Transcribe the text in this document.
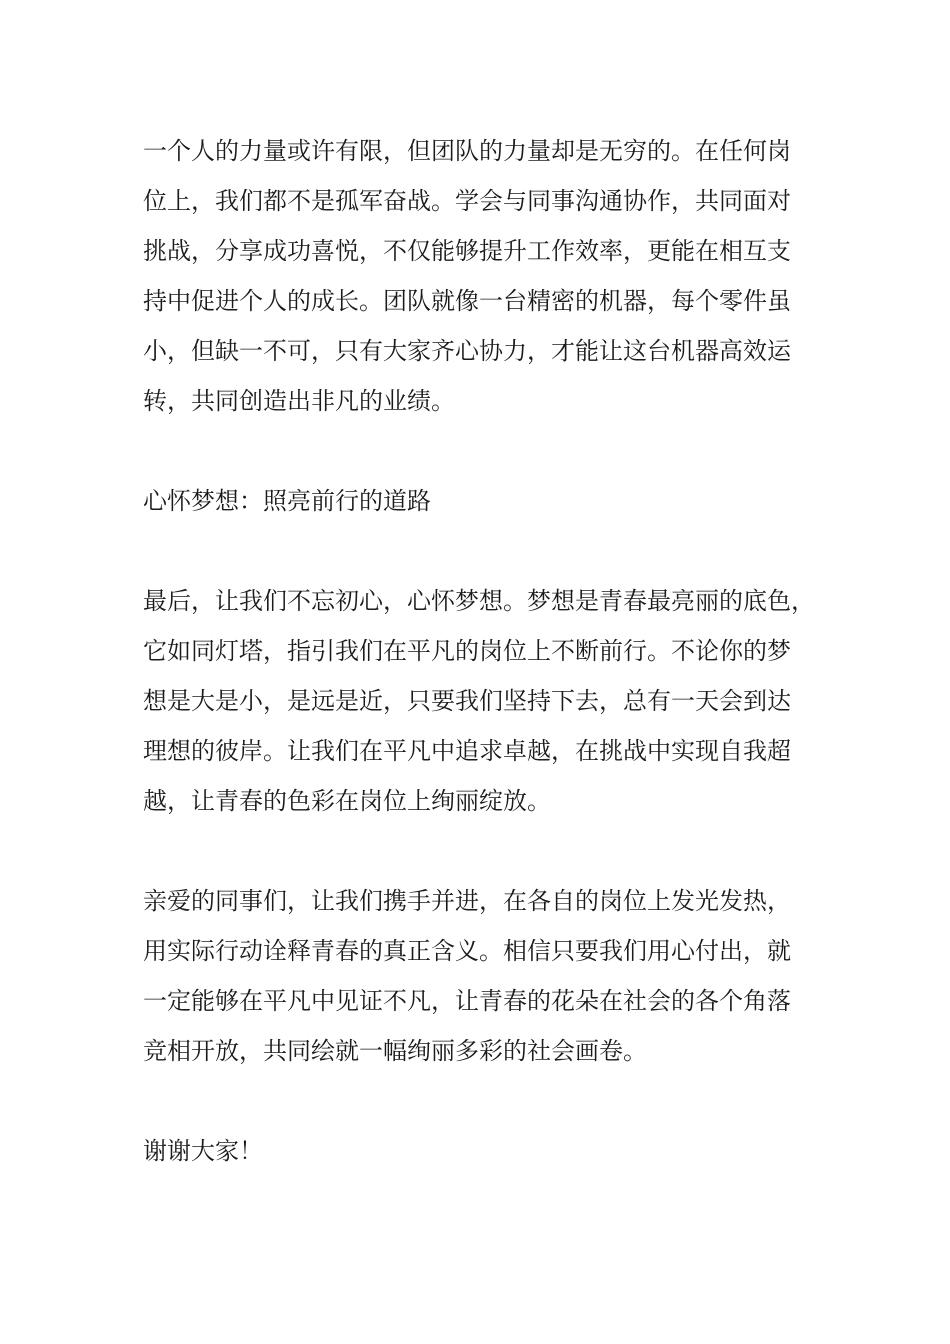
一个人的力量或许有限，但团队的力量却是无穷的。在任何岗
位上，我们都不是孤军奋战。学会与同事沟通协作，共同面对
挑战，分享成功喜悦，不仅能够提升工作效率，更能在相互支
持中促进个人的成长。团队就像一台精密的机器，每个零件虽
小，但缺一不可，只有大家齐心协力，才能让这台机器高效运
转，共同创造出非凡的业绩。

心怀梦想：照亮前行的道路

最后，让我们不忘初心，心怀梦想。梦想是青春最亮丽的底色，
它如同灯塔，指引我们在平凡的岗位上不断前行。不论你的梦
想是大是小，是远是近，只要我们坚持下去，总有一天会到达
理想的彼岸。让我们在平凡中追求卓越，在挑战中实现自我超
越，让青春的色彩在岗位上绚丽绽放。

亲爱的同事们，让我们携手并进，在各自的岗位上发光发热，
用实际行动诠释青春的真正含义。相信只要我们用心付出，就
一定能够在平凡中见证不凡，让青春的花朵在社会的各个角落
竞相开放，共同绘就一幅绚丽多彩的社会画卷。

谢谢大家！
